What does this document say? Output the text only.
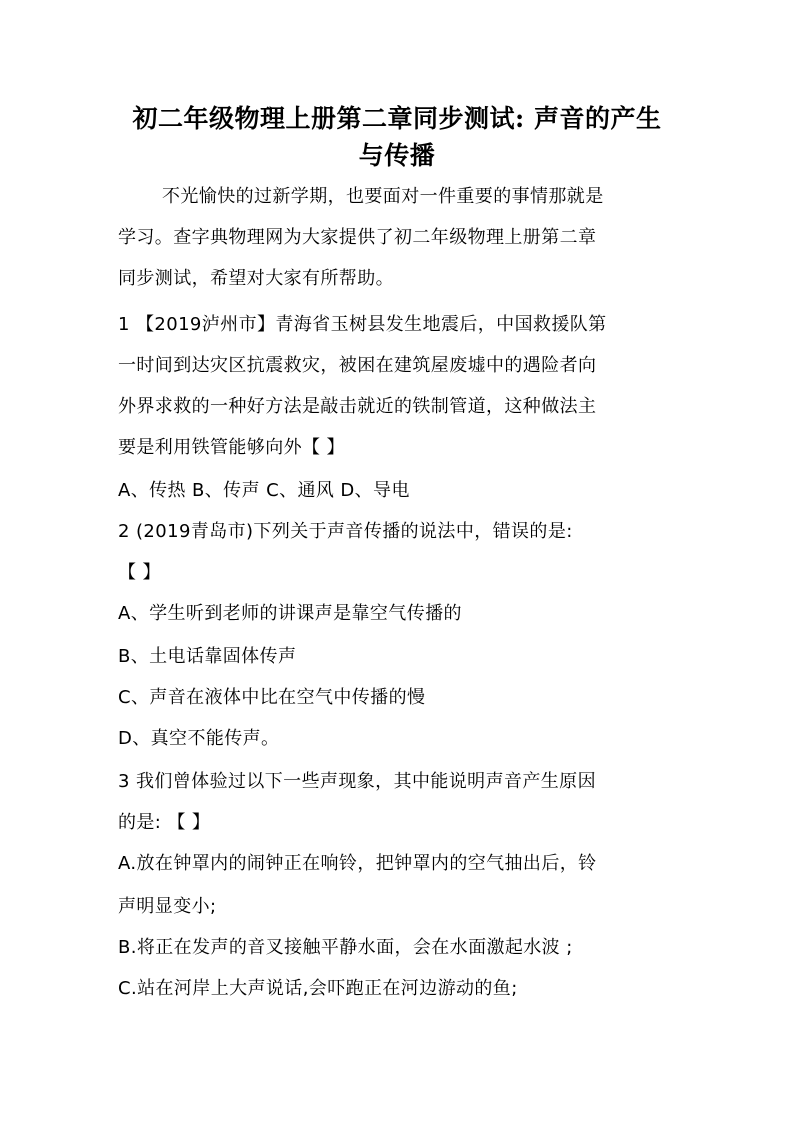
初二年级物理上册第二章同步测试: 声音的产生
与传播

不光愉快的过新学期，也要面对一件重要的事情那就是

学习。查字典物理网为大家提供了初二年级物理上册第二章

同步测试，希望对大家有所帮助。

1 【2019泸州市】青海省玉树县发生地震后，中国救援队第

一时间到达灾区抗震救灾，被困在建筑屋废墟中的遇险者向

外界求救的一种好方法是敲击就近的铁制管道，这种做法主

要是利用铁管能够向外【 】

A、传热 B、传声 C、通风 D、导电

2 (2019青岛市)下列关于声音传播的说法中，错误的是:

【 】

A、学生听到老师的讲课声是靠空气传播的

B、土电话靠固体传声

C、声音在液体中比在空气中传播的慢

D、真空不能传声。

3 我们曾体验过以下一些声现象，其中能说明声音产生原因

的是: 【 】

A.放在钟罩内的闹钟正在响铃，把钟罩内的空气抽出后，铃

声明显变小;

B.将正在发声的音叉接触平静水面，会在水面激起水波 ;

C.站在河岸上大声说话,会吓跑正在河边游动的鱼;
